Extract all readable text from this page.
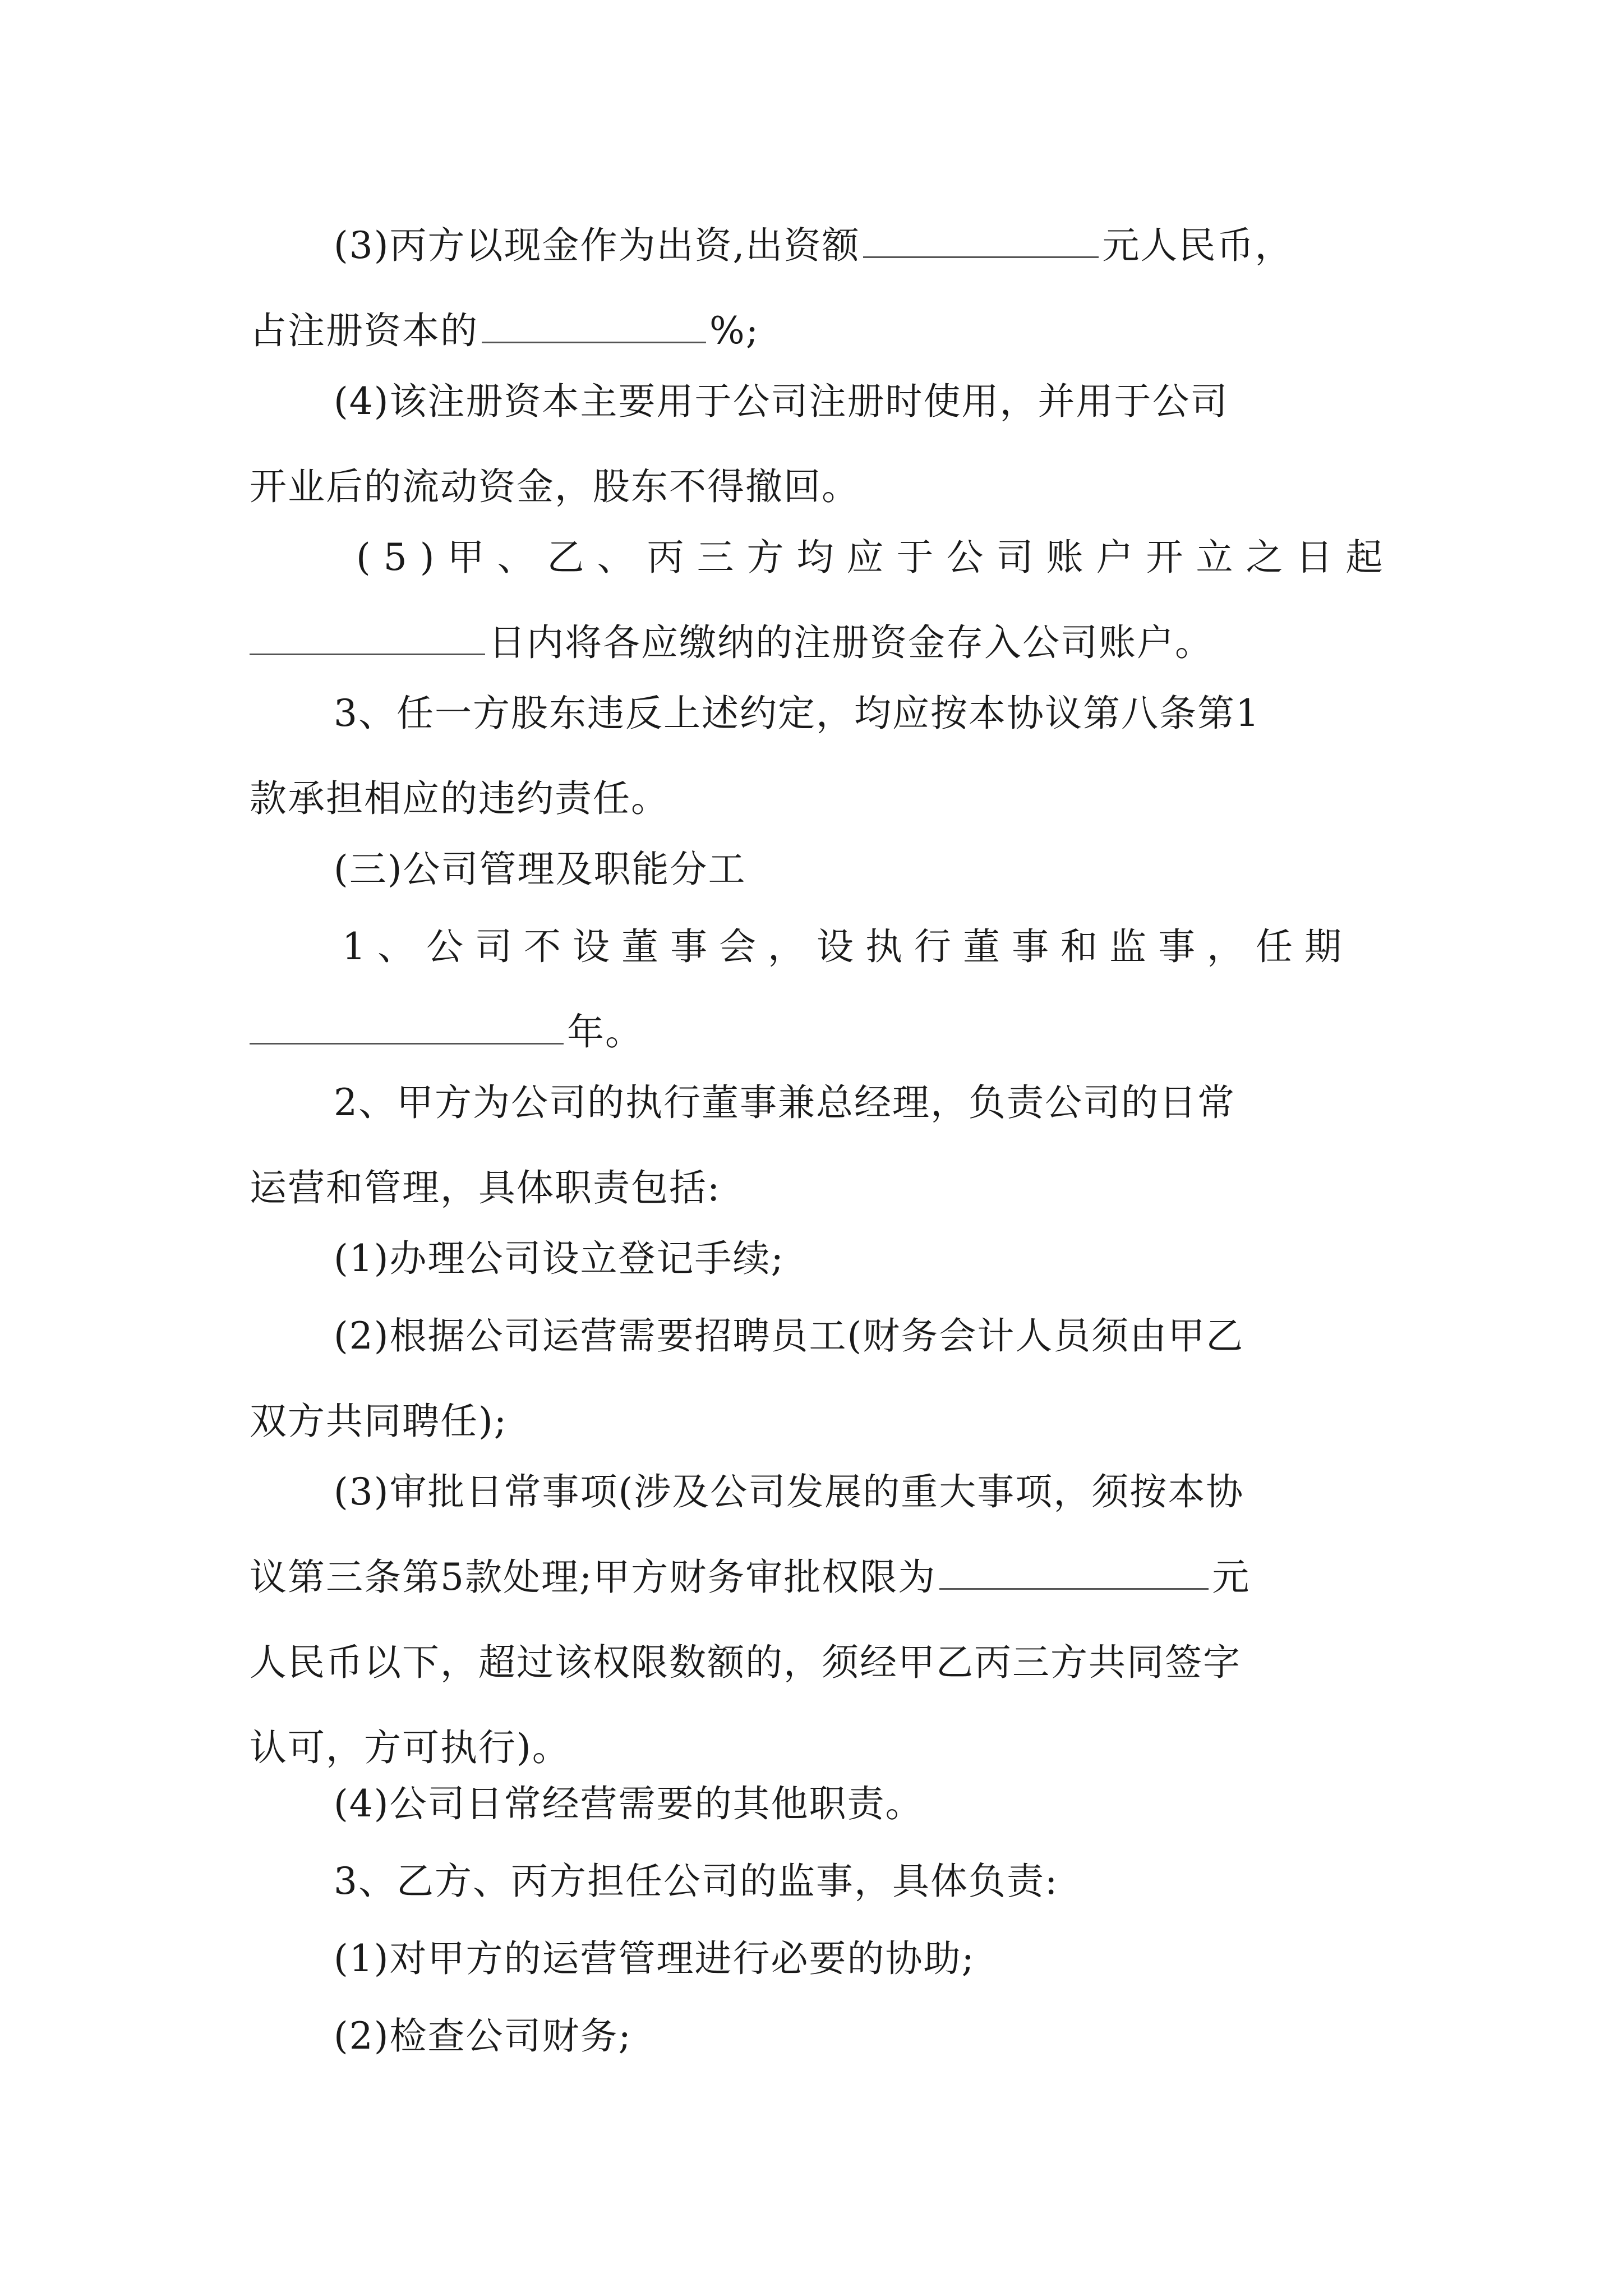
(3)丙方以现金作为出资,出资额	元人民币，
占注册资本的	%;
(4)该注册资本主要用于公司注册时使用，并用于公司
开业后的流动资金，股东不得撤回。
(5)甲、乙、丙三方均应于公司账户开立之日起
日内将各应缴纳的注册资金存入公司账户。
3、任一方股东违反上述约定，均应按本协议第八条第1
款承担相应的违约责任。
(三)公司管理及职能分工
1、公司不设董事会，设执行董事和监事，任期
年。
2、甲方为公司的执行董事兼总经理，负责公司的日常
运营和管理，具体职责包括:
(1)办理公司设立登记手续;
(2)根据公司运营需要招聘员工(财务会计人员须由甲乙
双方共同聘任);
(3)审批日常事项(涉及公司发展的重大事项，须按本协
议第三条第5款处理;甲方财务审批权限为	元
人民币以下，超过该权限数额的，须经甲乙丙三方共同签字
认可，方可执行)。
(4)公司日常经营需要的其他职责。
3、乙方、丙方担任公司的监事，具体负责:
(1)对甲方的运营管理进行必要的协助;
(2)检查公司财务;
